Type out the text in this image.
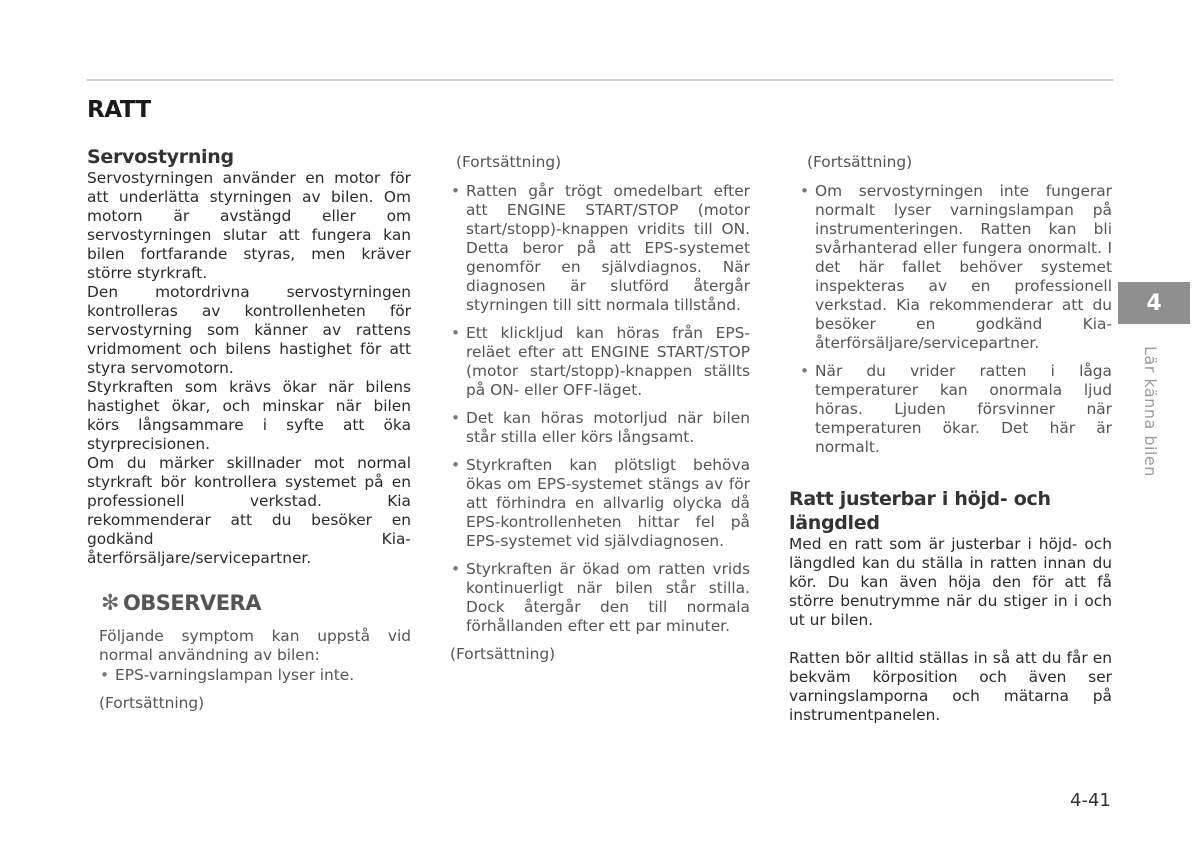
RATT
Servostyrning

Servostyrningen använder en motor för att underlätta styrningen av bilen. Om motorn är avstängd eller om servostyrningen slutar att fungera kan bilen fortfarande styras, men kräver större styrkraft.

Den motordrivna servostyrningen kontrolleras av kontrollenheten för servostyrning som känner av rattens vridmoment och bilens hastighet för att styra servomotorn.

Styrkraften som krävs ökar när bilens hastighet ökar, och minskar när bilen körs långsammare i syfte att öka styrprecisionen.

Om du märker skillnader mot normal styrkraft bör kontrollera systemet på en professionell verkstad. Kia rekommenderar att du besöker en godkänd Kia-återförsäljare/servicepartner.

✻ OBSERVERA

Följande symptom kan uppstå vid normal användning av bilen:

• EPS-varningslampan lyser inte.
(Fortsättning)
(Fortsättning)
• Ratten går trögt omedelbart efter att ENGINE START/STOP (motor start/stopp)-knappen vridits till ON. Detta beror på att EPS-systemet genomför en självdiagnos. När diagnosen är slutförd återgår styrningen till sitt normala tillstånd.
• Ett klickljud kan höras från EPS-reläet efter att ENGINE START/STOP (motor start/stopp)-knappen ställts på ON- eller OFF-läget.
• Det kan höras motorljud när bilen står stilla eller körs långsamt.
• Styrkraften kan plötsligt behöva ökas om EPS-systemet stängs av för att förhindra en allvarlig olycka då EPS-kontrollenheten hittar fel på EPS-systemet vid självdiagnosen.
• Styrkraften är ökad om ratten vrids kontinuerligt när bilen står stilla. Dock återgår den till normala förhållanden efter ett par minuter.
(Fortsättning)
(Fortsättning)
• Om servostyrningen inte fungerar normalt lyser varningslampan på instrumenteringen. Ratten kan bli svårhanterad eller fungera onormalt. I det här fallet behöver systemet inspekteras av en professionell verkstad. Kia rekommenderar att du besöker en godkänd Kia-återförsäljare/servicepartner.
• När du vrider ratten i låga temperaturer kan onormala ljud höras. Ljuden försvinner när temperaturen ökar. Det här är normalt.
Ratt justerbar i höjd- och längdled

Med en ratt som är justerbar i höjd- och längdled kan du ställa in ratten innan du kör. Du kan även höja den för att få större benutrymme när du stiger in i och ut ur bilen.

Ratten bör alltid ställas in så att du får en bekväm körposition och även ser varningslamporna och mätarna på instrumentpanelen.

4
Lär känna bilen
4-41
